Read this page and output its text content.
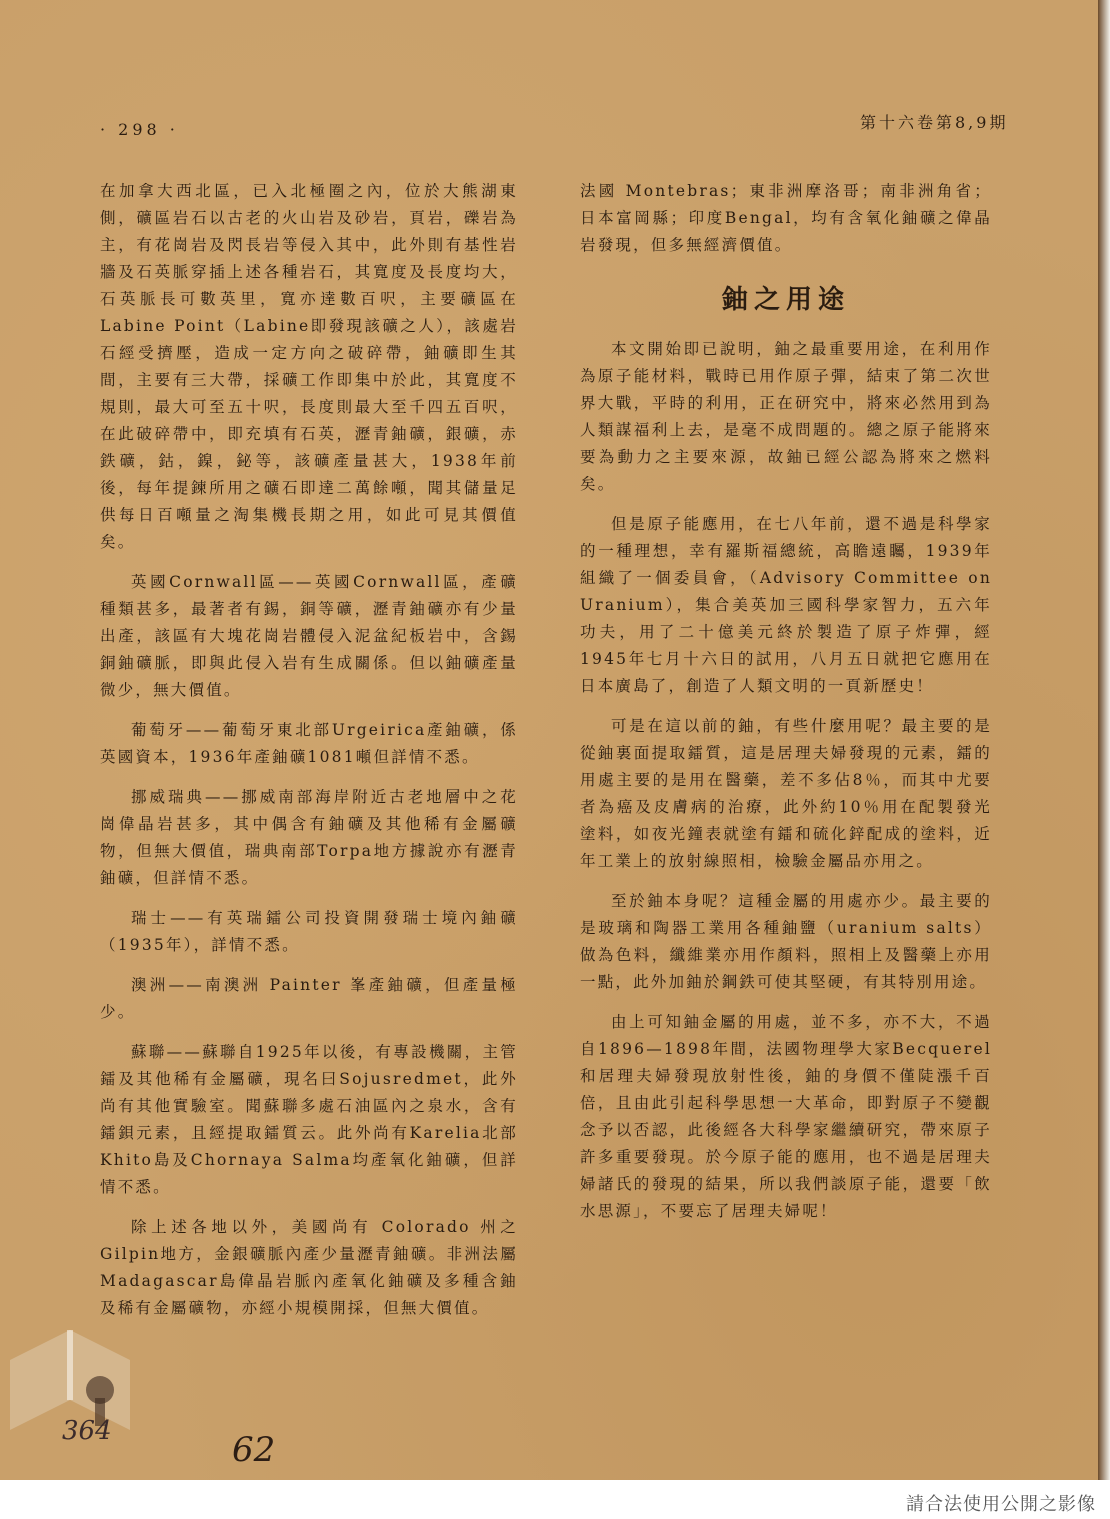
· 298 ·	第十六卷第8,9期

在加拿大西北區，已入北極圈之內，位於大熊湖東側，礦區岩石以古老的火山岩及砂岩，頁岩，礫岩為主，有花崗岩及閃長岩等侵入其中，此外則有基性岩牆及石英脈穿插上述各種岩石，其寬度及長度均大，石英脈長可數英里，寬亦達數百呎，主要礦區在Labine Point（Labine即發現該礦之人），該處岩石經受擠壓，造成一定方向之破碎帶，鈾礦即生其間，主要有三大帶，採礦工作即集中於此，其寬度不規則，最大可至五十呎，長度則最大至千四五百呎，在此破碎帶中，即充填有石英，瀝青鈾礦，銀礦，赤鉄礦，鈷，鎳，鉍等，該礦產量甚大，1938年前後，每年提鍊所用之礦石即達二萬餘噸，聞其儲量足供每日百噸量之淘集機長期之用，如此可見其價值矣。

英國Cornwall區——英國Cornwall區，產礦種類甚多，最著者有錫，銅等礦，瀝青鈾礦亦有少量出產，該區有大塊花崗岩體侵入泥盆紀板岩中，含錫銅鈾礦脈，即與此侵入岩有生成關係。但以鈾礦產量微少，無大價值。

葡萄牙——葡萄牙東北部Urgeirica產鈾礦，係英國資本，1936年產鈾礦1081噸但詳情不悉。

挪威瑞典——挪威南部海岸附近古老地層中之花崗偉晶岩甚多，其中偶含有鈾礦及其他稀有金屬礦物，但無大價值，瑞典南部Torpa地方據說亦有瀝青鈾礦，但詳情不悉。

瑞士——有英瑞鐳公司投資開發瑞士境內鈾礦（1935年），詳情不悉。

澳洲——南澳洲 Painter 峯產鈾礦，但產量極少。

蘇聯——蘇聯自1925年以後，有專設機關，主管鐳及其他稀有金屬礦，現名曰Sojusredmet，此外尚有其他實驗室。聞蘇聯多處石油區內之泉水，含有鐳鋇元素，且經提取鐳質云。此外尚有Karelia北部Khito島及Chornaya Salma均產氧化鈾礦，但詳情不悉。

除上述各地以外，美國尚有 Colorado 州之Gilpin地方，金銀礦脈內產少量瀝青鈾礦。非洲法屬Madagascar島偉晶岩脈內產氧化鈾礦及多種含鈾及稀有金屬礦物，亦經小規模開採，但無大價值。

法國 Montebras；東非洲摩洛哥；南非洲角省；日本富岡縣；印度Bengal，均有含氧化鈾礦之偉晶岩發現，但多無經濟價值。

鈾之用途

本文開始即已說明，鈾之最重要用途，在利用作為原子能材料，戰時已用作原子彈，結束了第二次世界大戰，平時的利用，正在研究中，將來必然用到為人類謀福利上去，是毫不成問題的。總之原子能將來要為動力之主要來源，故鈾已經公認為將來之燃料矣。

但是原子能應用，在七八年前，還不過是科學家的一種理想，幸有羅斯福總統，高瞻遠矚，1939年組織了一個委員會，（Advisory Committee on Uranium），集合美英加三國科學家智力，五六年功夫，用了二十億美元終於製造了原子炸彈，經1945年七月十六日的試用，八月五日就把它應用在日本廣島了，創造了人類文明的一頁新歷史！

可是在這以前的鈾，有些什麼用呢？最主要的是從鈾裏面提取鐳質，這是居理夫婦發現的元素，鐳的用處主要的是用在醫藥，差不多佔8％，而其中尤要者為癌及皮膚病的治療，此外約10％用在配製發光塗料，如夜光鐘表就塗有鐳和硫化鋅配成的塗料，近年工業上的放射線照相，檢驗金屬品亦用之。

至於鈾本身呢？這種金屬的用處亦少。最主要的是玻璃和陶器工業用各種鈾鹽（uranium salts）做為色料，纖維業亦用作顏料，照相上及醫藥上亦用一點，此外加鈾於鋼鉄可使其堅硬，有其特別用途。

由上可知鈾金屬的用處，並不多，亦不大，不過自1896—1898年間，法國物理學大家Becquerel和居理夫婦發現放射性後，鈾的身價不僅陡漲千百倍，且由此引起科學思想一大革命，即對原子不變觀念予以否認，此後經各大科學家繼續研究，帶來原子許多重要發現。於今原子能的應用，也不過是居理夫婦諸氏的發現的結果，所以我們談原子能，還要「飲水思源」，不要忘了居理夫婦呢！

364	62
請合法使用公開之影像
